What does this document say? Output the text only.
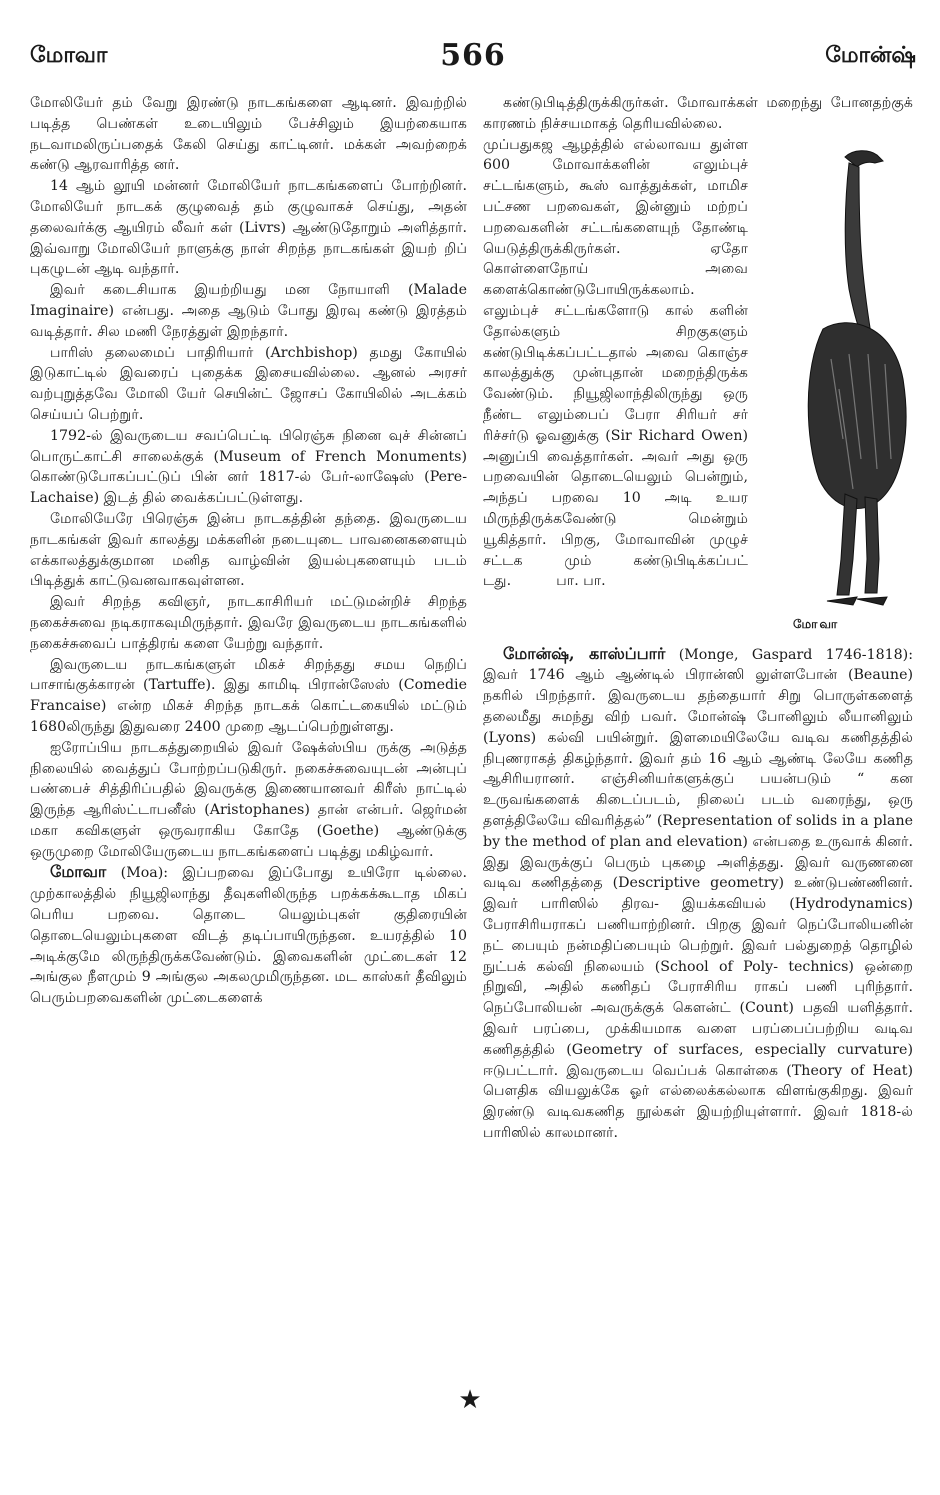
மோவா	566	மோன்ஷ்

மோலியேர் தம் வேறு இரண்டு நாடகங்களை ஆடினர். இவற்றில் படித்த பெண்கள் உடையிலும் பேச்சிலும் இயற்கையாக நடவாமலிருப்பதைக் கேலி செய்து காட்டினர். மக்கள் அவற்றைக் கண்டு ஆரவாரித்த னர்.

14 ஆம் லூயி மன்னர் மோலியேர் நாடகங்களைப் போற்றினர். மோலியேர் நாடகக் குழுவைத் தம் குழுவாகச் செய்து, அதன் தலைவர்க்கு ஆயிரம் லீவர் கள் (Livrs) ஆண்டுதோறும் அளித்தார். இவ்வாறு மோலியேர் நாளுக்கு நாள் சிறந்த நாடகங்கள் இயற் றிப் புகழுடன் ஆடி வந்தார்.

இவர் கடைசியாக இயற்றியது மன நோயாளி (Malade Imaginaire) என்பது. அதை ஆடும் போது இரவு கண்டு இரத்தம் வடித்தார். சில மணி நேரத்துள் இறந்தார்.

பாரிஸ் தலைமைப் பாதிரியார் (Archbishop) தமது கோயில் இடுகாட்டில் இவரைப் புதைக்க இசையவில்லை. ஆனல் அரசர் வற்புறுத்தவே மோலி யேர் செயின்ட் ஜோசப் கோயிலில் அடக்கம் செய்யப் பெற்றுர்.

1792-ல் இவருடைய சவப்பெட்டி பிரெஞ்சு நினை வுச் சின்னப் பொருட்காட்சி சாலைக்குக் (Museum of French Monuments) கொண்டுபோகப்பட்டுப் பின் னர் 1817-ல் பேர்-லாஷேஸ் (Pere-Lachaise) இடத் தில் வைக்கப்பட்டுள்ளது.

மோலியேரே பிரெஞ்சு இன்ப நாடகத்தின் தந்தை. இவருடைய நாடகங்கள் இவர் காலத்து மக்களின் நடையுடை பாவனைகளையும் எக்காலத்துக்குமான மனித வாழ்வின் இயல்புகளையும் படம் பிடித்துக் காட்டுவனவாகவுள்ளன.

இவர் சிறந்த கவிஞர், நாடகாசிரியர் மட்டுமன்றிச் சிறந்த நகைச்சுவை நடிகராகவுமிருந்தார். இவரே இவருடைய நாடகங்களில் நகைச்சுவைப் பாத்திரங் களை யேற்று வந்தார்.

இவருடைய நாடகங்களுள் மிகச் சிறந்தது சமய நெறிப் பாசாங்குக்காரன் (Tartuffe). இது காமிடி பிரான்ஸேஸ் (Comedie Francaise) என்ற மிகச் சிறந்த நாடகக் கொட்டகையில் மட்டும் 1680லிருந்து இதுவரை 2400 முறை ஆடப்பெற்றுள்ளது.

ஐரோப்பிய நாடகத்துறையில் இவர் ஷேக்ஸ்பிய ருக்கு அடுத்த நிலையில் வைத்துப் போற்றப்படுகிருர். நகைச்சுவையுடன் அன்புப் பண்பைச் சித்திரிப்பதில் இவருக்கு இணையானவர் கிரீஸ் நாட்டில் இருந்த ஆரிஸ்ட்டாபனீஸ் (Aristophanes) தான் என்பர். ஜெர்மன் மகா கவிகளுள் ஒருவராகிய கோதே (Goethe) ஆண்டுக்கு ஒருமுறை மோலியேருடைய நாடகங்களைப் படித்து மகிழ்வார்.

மோவா (Moa): இப்பறவை இப்போது உயிரோ டில்லை. முற்காலத்தில் நியூஜிலாந்து தீவுகளிலிருந்த பறக்கக்கூடாத மிகப் பெரிய பறவை. தொடை யெலும்புகள் குதிரையின் தொடையெலும்புகளை விடத் தடிப்பாயிருந்தன. உயரத்தில் 10 அடிக்குமே லிருந்திருக்கவேண்டும். இவைகளின் முட்டைகள் 12 அங்குல நீளமும் 9 அங்குல அகலமுமிருந்தன. மட காஸ்கர் தீவிலும் பெரும்பறவைகளின் முட்டைகளைக்

கண்டுபிடித்திருக்கிருர்கள். மோவாக்கள் மறைந்து போனதற்குக் காரணம் நிச்சயமாகத் தெரியவில்லை.

மோவா

முப்பதுகஜ ஆழத்தில் எல்லாவய துள்ள 600 மோவாக்களின் எலும்புச் சட்டங்களும், கூஸ் வாத்துக்கள், மாமிச பட்சண பறவைகள், இன்னும் மற்றப் பறவைகளின் சட்டங்களையுந் தோண்டி யெடுத்திருக்கிருர்கள். ஏதோ கொள்ளைநோய் அவை களைக்கொண்டுபோயிருக்கலாம். எலும்புச் சட்டங்களோடு கால் களின் தோல்களும் சிறகுகளும் கண்டுபிடிக்கப்பட்டதால் அவை கொஞ்ச காலத்துக்கு முன்புதான் மறைந்திருக்க வேண்டும். நியூஜிலாந்திலிருந்து ஒரு நீண்ட எலும்பைப் பேரா சிரியர் சர் ரிச்சர்டு ஓவனுக்கு (Sir Richard Owen) அனுப்பி வைத்தார்கள். அவர் அது ஒரு பறவையின் தொடையெலும் பென்றும், அந்தப் பறவை 10 அடி உயர மிருந்திருக்கவேண்டு மென்றும் யூகித்தார். பிறகு, மோவாவின் முழுச் சட்டக மும் கண்டுபிடிக்கப்பட் டது.	பா. பா.

மோன்ஷ், காஸ்ப்பார் (Monge, Gaspard 1746-1818): இவர் 1746 ஆம் ஆண்டில் பிரான்ஸி லுள்ளபோன் (Beaune) நகரில் பிறந்தார். இவருடைய தந்தையார் சிறு பொருள்களைத் தலைமீது சுமந்து விற் பவர். மோன்ஷ் போனிலும் லீயானிலும் (Lyons) கல்வி பயின்றுர். இளமையிலேயே வடிவ கணிதத்தில் நிபுணராகத் திகழ்ந்தார். இவர் தம் 16 ஆம் ஆண்டி லேயே கணித ஆசிரியரானர். எஞ்சினியர்களுக்குப் பயன்படும் “ கன உருவங்களைக் கிடைப்படம், நிலைப் படம் வரைந்து, ஒரு தளத்திலேயே விவரித்தல்” (Representation of solids in a plane by the method of plan and elevation) என்பதை உருவாக் கினர். இது இவருக்குப் பெரும் புகழை அளித்தது. இவர் வருணனை வடிவ கணிதத்தை (Descriptive geometry) உண்டுபண்ணினர். இவர் பாரிஸில் திரவ- இயக்கவியல் (Hydrodynamics) பேராசிரியராகப் பணியாற்றினர். பிறகு இவர் நெப்போலியனின் நட் பையும் நன்மதிப்பையும் பெற்றுர். இவர் பல்துறைத் தொழில் நுட்பக் கல்வி நிலையம் (School of Poly- technics) ஒன்றை நிறுவி, அதில் கணிதப் பேராசிரிய ராகப் பணி புரிந்தார். நெப்போலியன் அவருக்குக் கௌன்ட் (Count) பதவி யளித்தார். இவர் பரப்பை, முக்கியமாக வளை பரப்பைப்பற்றிய வடிவ கணிதத்தில் (Geometry of surfaces, especially curvature) ஈடுபட்டார். இவருடைய வெப்பக் கொள்கை (Theory of Heat) பௌதிக வியலுக்கே ஓர் எல்லைக்கல்லாக விளங்குகிறது. இவர் இரண்டு வடிவகணித நூல்கள் இயற்றியுள்ளார். இவர் 1818-ல் பாரிஸில் காலமானர்.

★
